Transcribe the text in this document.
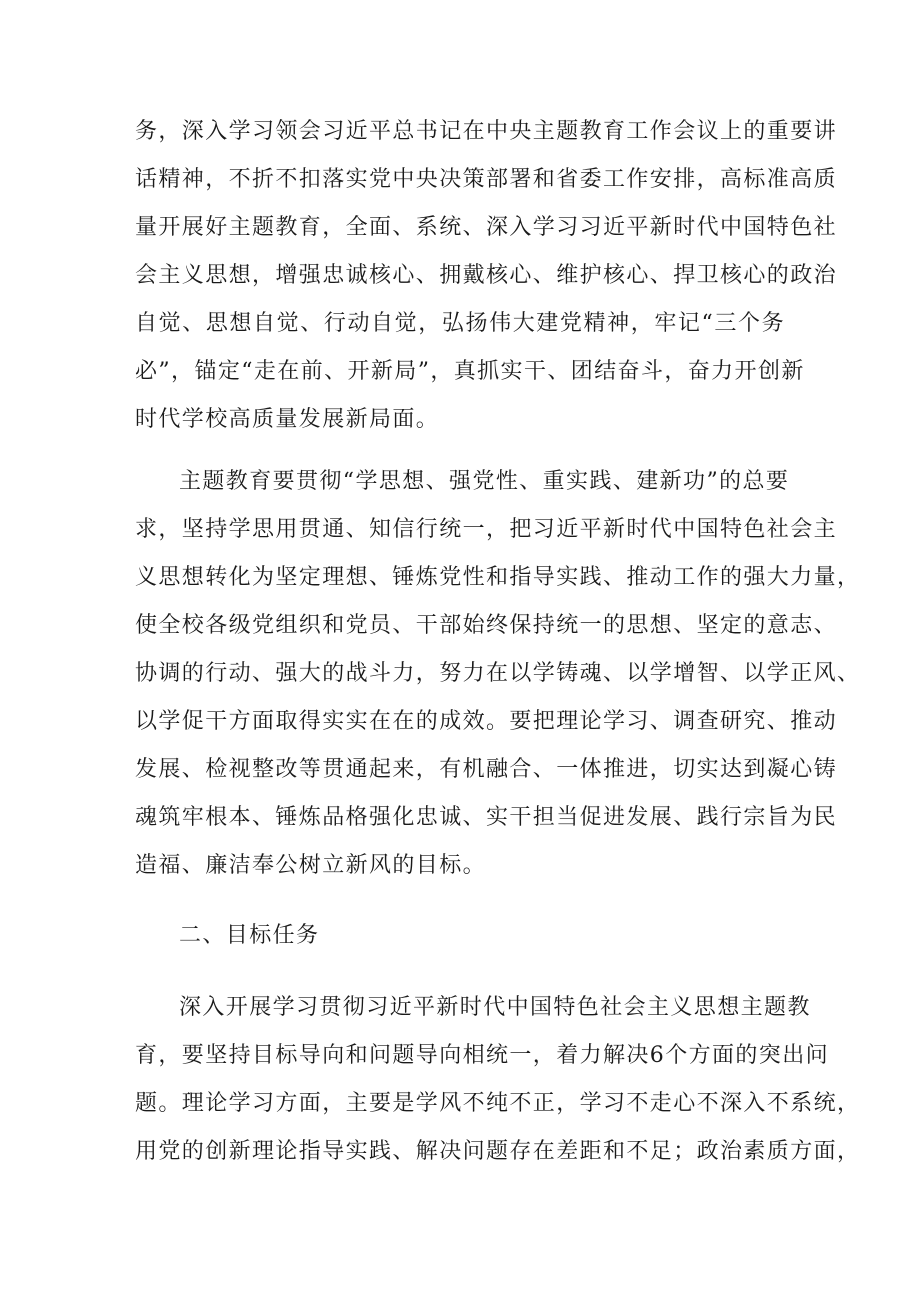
务，深入学习领会习近平总书记在中央主题教育工作会议上的重要讲
话精神，不折不扣落实党中央决策部署和省委工作安排，高标准高质
量开展好主题教育，全面、系统、深入学习习近平新时代中国特色社
会主义思想，增强忠诚核心、拥戴核心、维护核心、捍卫核心的政治
自觉、思想自觉、行动自觉，弘扬伟大建党精神，牢记“三个务
必”，锚定“走在前、开新局”，真抓实干、团结奋斗，奋力开创新
时代学校高质量发展新局面。
主题教育要贯彻“学思想、强党性、重实践、建新功”的总要
求，坚持学思用贯通、知信行统一，把习近平新时代中国特色社会主
义思想转化为坚定理想、锤炼党性和指导实践、推动工作的强大力量，
使全校各级党组织和党员、干部始终保持统一的思想、坚定的意志、
协调的行动、强大的战斗力，努力在以学铸魂、以学增智、以学正风、
以学促干方面取得实实在在的成效。要把理论学习、调查研究、推动
发展、检视整改等贯通起来，有机融合、一体推进，切实达到凝心铸
魂筑牢根本、锤炼品格强化忠诚、实干担当促进发展、践行宗旨为民
造福、廉洁奉公树立新风的目标。
二、目标任务
深入开展学习贯彻习近平新时代中国特色社会主义思想主题教
育，要坚持目标导向和问题导向相统一，着力解决6个方面的突出问
题。理论学习方面，主要是学风不纯不正，学习不走心不深入不系统，
用党的创新理论指导实践、解决问题存在差距和不足；政治素质方面，
